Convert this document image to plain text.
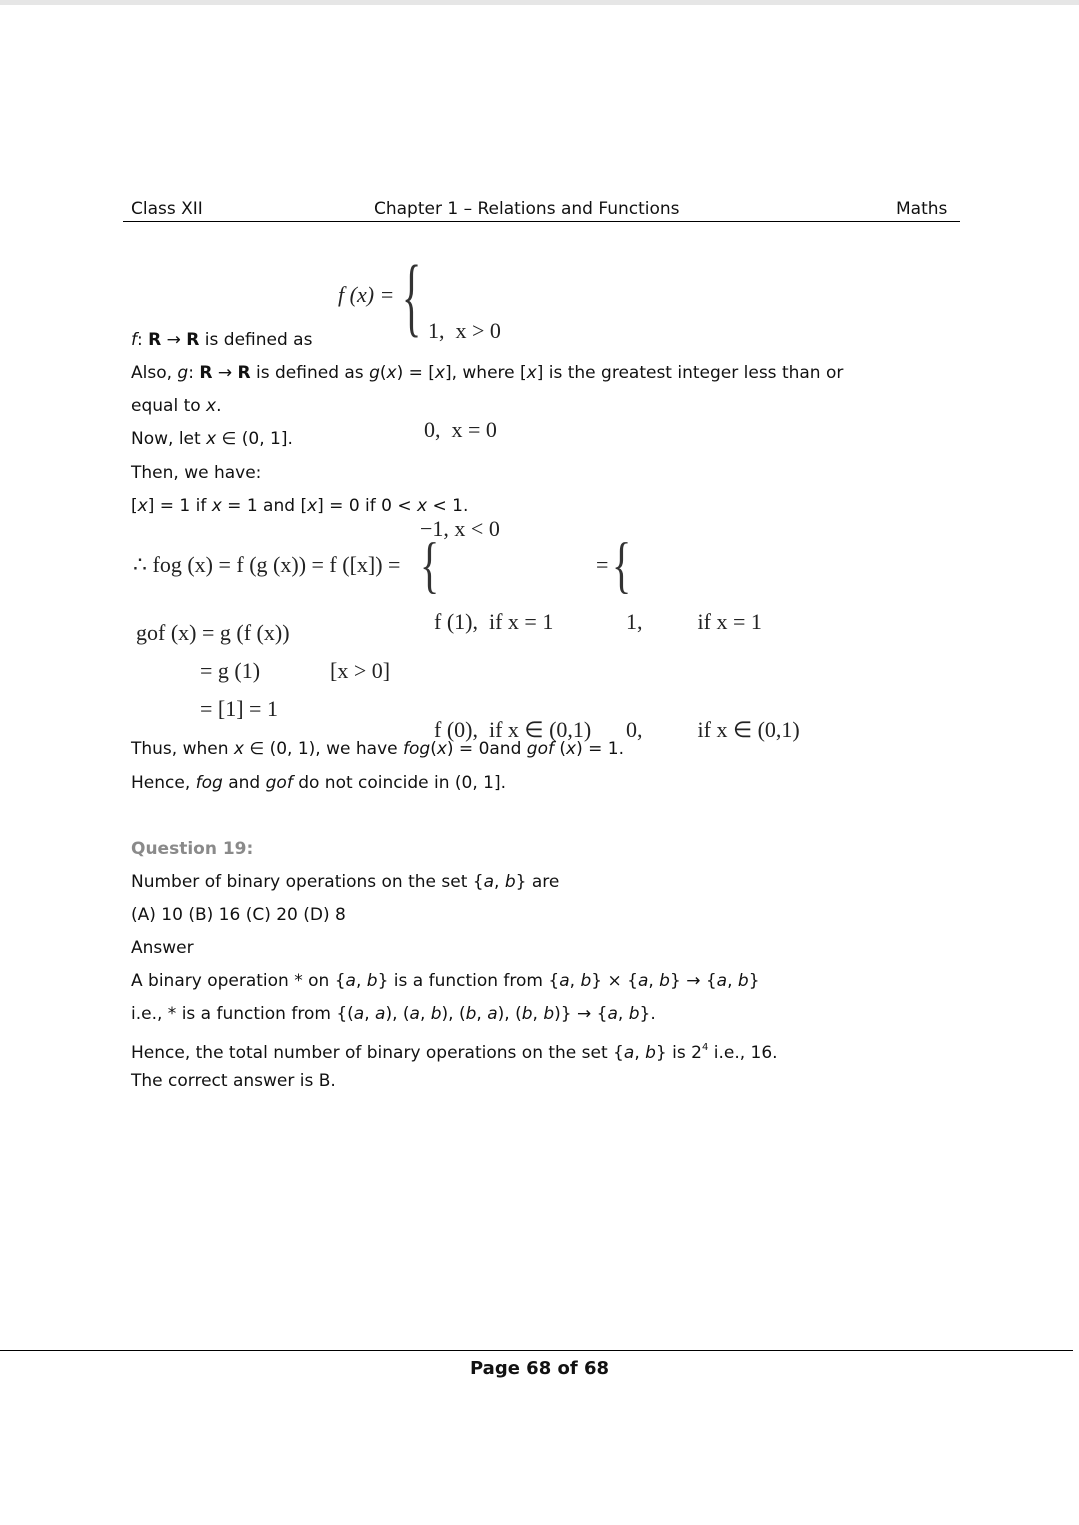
Class XII	Chapter 1 – Relations and Functions	Maths
f: R → R is defined as
Also, g: R → R is defined as g(x) = [x], where [x] is the greatest integer less than or
equal to x.
Now, let x ∈ (0, 1].
Then, we have:
[x] = 1 if x = 1 and [x] = 0 if 0 < x < 1.
Thus, when x ∈ (0, 1), we have fog(x) = 0and gof (x) = 1.
Hence, fog and gof do not coincide in (0, 1].
Question 19:
Number of binary operations on the set {a, b} are
(A) 10 (B) 16 (C) 20 (D) 8
Answer
A binary operation * on {a, b} is a function from {a, b} × {a, b} → {a, b}
i.e., * is a function from {(a, a), (a, b), (b, a), (b, b)} → {a, b}.
Hence, the total number of binary operations on the set {a, b} is $2^4$ i.e., 16.
The correct answer is B.
f (x) = {

1,  x > 0

0,  x = 0

−1, x < 0

∴ fog (x) = f (g (x)) = f ([x]) = {

f (1),  if x = 1

f (0),  if x ∈ (0,1)

= {

1,          if x = 1

0,          if x ∈ (0,1)

gof (x) = g (f (x))
= g (1)	[x > 0]
= [1] = 1
Page 68 of 68
